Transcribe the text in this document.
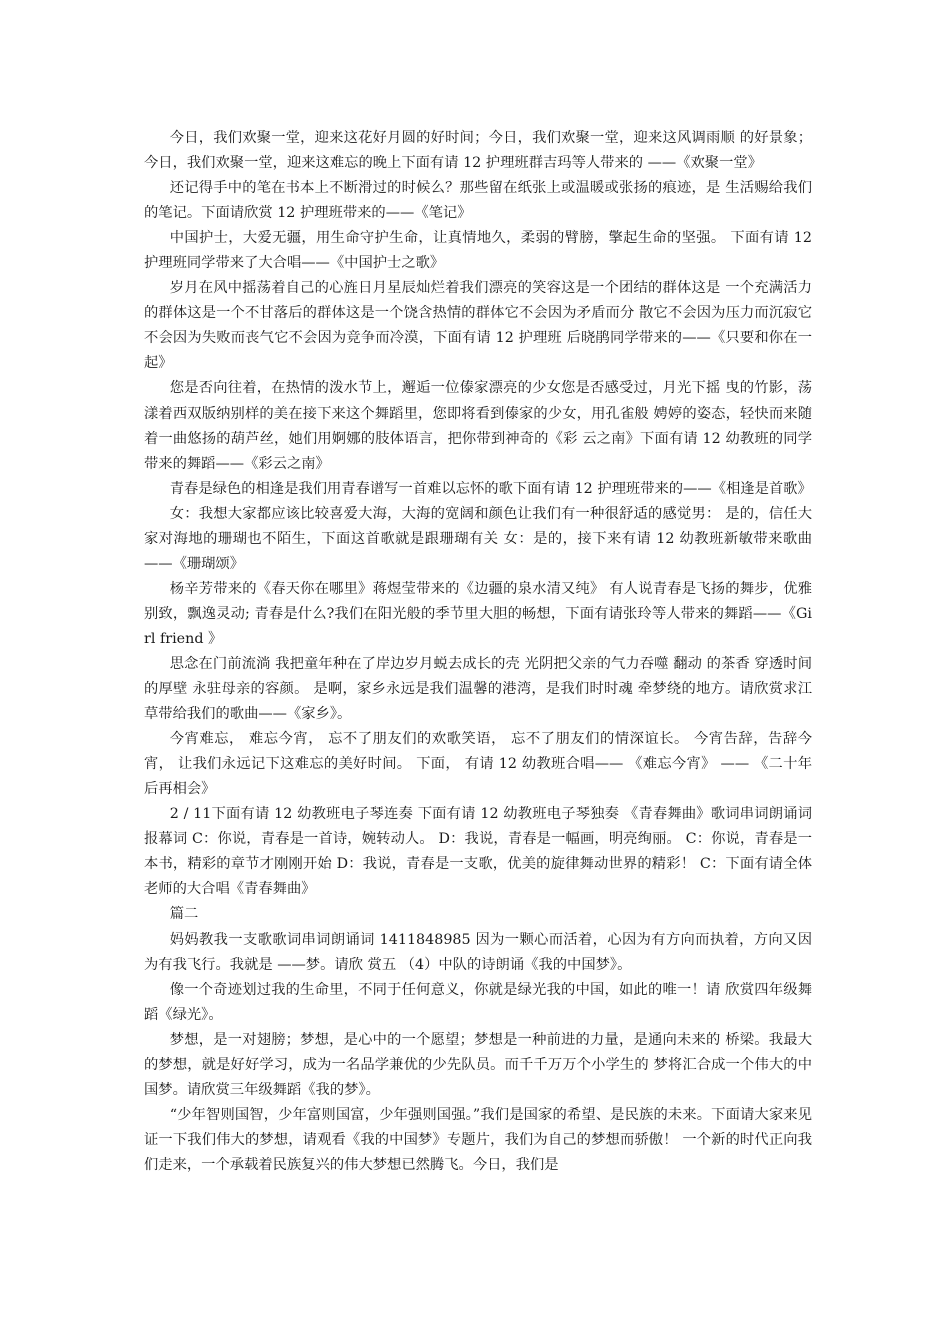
今日，我们欢聚一堂，迎来这花好月圆的好时间；今日，我们欢聚一堂，迎来这风调雨顺 的好景象；今日，我们欢聚一堂，迎来这难忘的晚上下面有请 12 护理班群吉玛等人带来的 ——《欢聚一堂》

还记得手中的笔在书本上不断滑过的时候么？那些留在纸张上或温暖或张扬的痕迹，是 生活赐给我们的笔记。下面请欣赏 12 护理班带来的——《笔记》

中国护士，大爱无疆，用生命守护生命，让真情地久，柔弱的臂膀，擎起生命的坚强。 下面有请 12 护理班同学带来了大合唱——《中国护士之歌》

岁月在风中摇荡着自己的心旌日月星辰灿烂着我们漂亮的笑容这是一个团结的群体这是 一个充满活力的群体这是一个不甘落后的群体这是一个饶含热情的群体它不会因为矛盾而分 散它不会因为压力而沉寂它不会因为失败而丧气它不会因为竞争而冷漠，下面有请 12 护理班 后晓鹃同学带来的——《只要和你在一起》

您是否向往着，在热情的泼水节上，邂逅一位傣家漂亮的少女您是否感受过，月光下摇 曳的竹影，荡漾着西双版纳别样的美在接下来这个舞蹈里，您即将看到傣家的少女，用孔雀般 娉婷的姿态，轻快而来随着一曲悠扬的葫芦丝，她们用婀娜的肢体语言，把你带到神奇的《彩 云之南》下面有请 12 幼教班的同学带来的舞蹈——《彩云之南》

青春是绿色的相逢是我们用青春谱写一首难以忘怀的歌下面有请 12 护理班带来的——《相逢是首歌》

女：我想大家都应该比较喜爱大海，大海的宽阔和颜色让我们有一种很舒适的感觉男： 是的，信任大家对海地的珊瑚也不陌生，下面这首歌就是跟珊瑚有关 女：是的，接下来有请 12 幼教班新敏带来歌曲——《珊瑚颂》

杨辛芳带来的《春天你在哪里》蒋煜莹带来的《边疆的泉水清又纯》 有人说青春是飞扬的舞步，优雅别致，飘逸灵动; 青春是什么?我们在阳光般的季节里大胆的畅想，下面有请张玲等人带来的舞蹈——《Girl friend 》

思念在门前流淌 我把童年种在了岸边岁月蜕去成长的壳 光阴把父亲的气力吞噬 翻动 的茶香 穿透时间的厚壁 永驻母亲的容颜。 是啊，家乡永远是我们温馨的港湾，是我们时时魂 牵梦绕的地方。请欣赏求江草带给我们的歌曲——《家乡》。

今宵难忘， 难忘今宵， 忘不了朋友们的欢歌笑语， 忘不了朋友们的情深谊长。 今宵告辞，告辞今宵， 让我们永远记下这难忘的美好时间。 下面， 有请 12 幼教班合唱—— 《难忘今宵》 —— 《二十年后再相会》

2 / 11下面有请 12 幼教班电子琴连奏 下面有请 12 幼教班电子琴独奏 《青春舞曲》歌词串词朗诵词报幕词 C：你说，青春是一首诗，婉转动人。 D：我说，青春是一幅画，明亮绚丽。 C：你说，青春是一本书，精彩的章节才刚刚开始 D：我说，青春是一支歌，优美的旋律舞动世界的精彩！ C：下面有请全体老师的大合唱《青春舞曲》

篇二

妈妈教我一支歌歌词串词朗诵词 1411848985 因为一颗心而活着，心因为有方向而执着，方向又因为有我飞行。我就是 ——梦。请欣 赏五 （4）中队的诗朗诵《我的中国梦》。

像一个奇迹划过我的生命里，不同于任何意义，你就是绿光我的中国，如此的唯一！请 欣赏四年级舞蹈《绿光》。

梦想，是一对翅膀；梦想，是心中的一个愿望；梦想是一种前进的力量，是通向未来的 桥梁。我最大的梦想，就是好好学习，成为一名品学兼优的少先队员。而千千万万个小学生的 梦将汇合成一个伟大的中国梦。请欣赏三年级舞蹈《我的梦》。

“少年智则国智，少年富则国富，少年强则国强。”我们是国家的希望、是民族的未来。下面请大家来见证一下我们伟大的梦想，请观看《我的中国梦》专题片，我们为自己的梦想而骄傲！ 一个新的时代正向我们走来，一个承载着民族复兴的伟大梦想已然腾飞。今日，我们是
